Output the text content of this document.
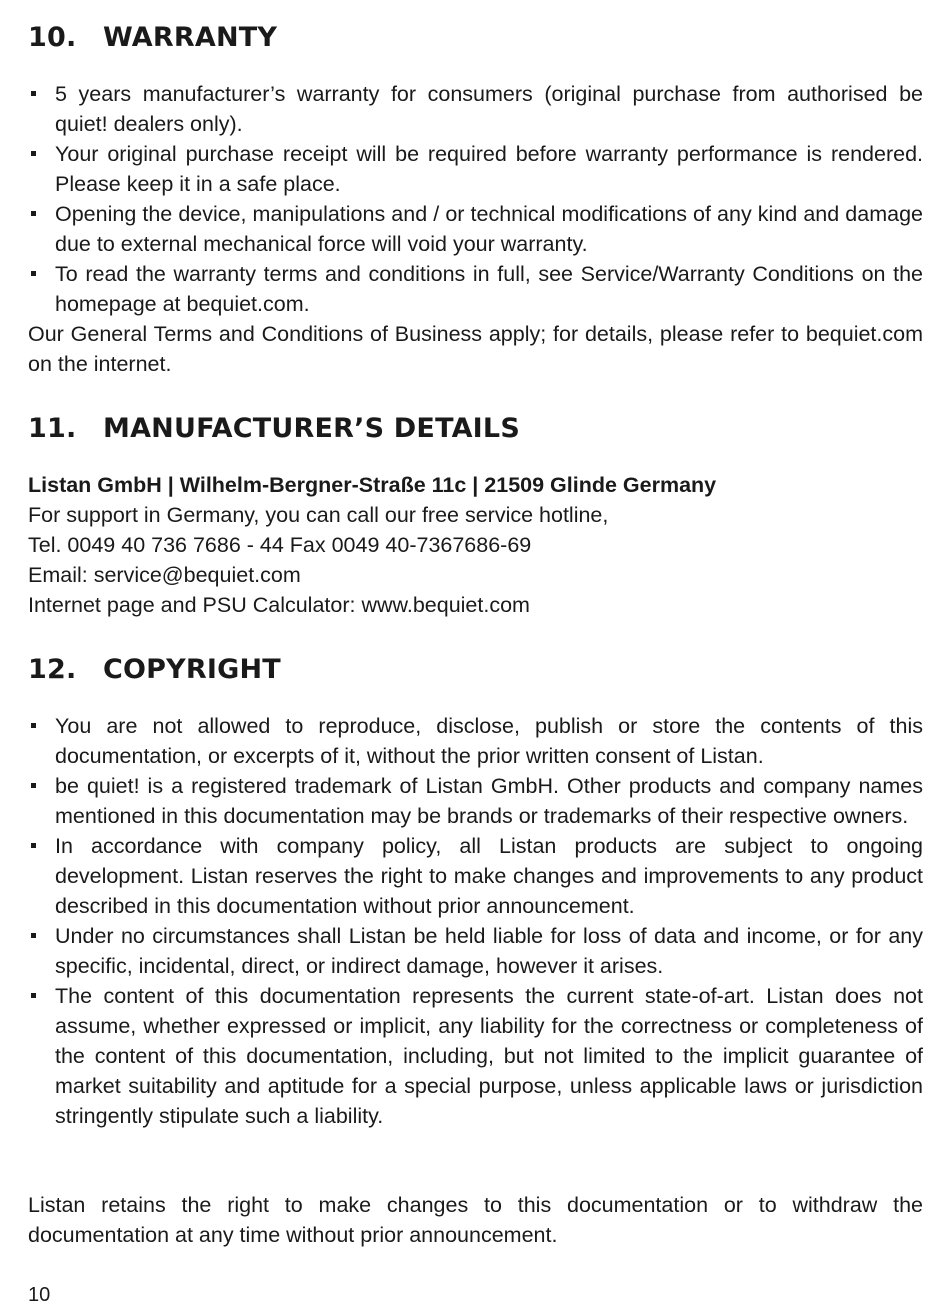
10. WARRANTY
5 years manufacturer’s warranty for consumers (original purchase from authorised be quiet! dealers only).
Your original purchase receipt will be required before warranty performance is rendered. Please keep it in a safe place.
Opening the device, manipulations and / or technical modifications of any kind and damage due to external mechanical force will void your warranty.
To read the warranty terms and conditions in full, see Service/Warranty Conditions on the homepage at bequiet.com.

Our General Terms and Conditions of Business apply; for details, please refer to bequiet.com on the internet.

11. MANUFACTURER’S DETAILS

Listan GmbH | Wilhelm-Bergner-Straße 11c | 21509 Glinde Germany

For support in Germany, you can call our free service hotline,

Tel. 0049 40 736 7686 - 44 Fax 0049 40-7367686-69

Email: service@bequiet.com

Internet page and PSU Calculator: www.bequiet.com

12. COPYRIGHT
You are not allowed to reproduce, disclose, publish or store the contents of this documentation, or excerpts of it, without the prior written consent of Listan.
be quiet! is a registered trademark of Listan GmbH. Other products and company names mentioned in this documentation may be brands or trademarks of their respective owners.
In accordance with company policy, all Listan products are subject to ongoing development. Listan reserves the right to make changes and improvements to any product described in this documentation without prior announcement.
Under no circumstances shall Listan be held liable for loss of data and income, or for any specific, incidental, direct, or indirect damage, however it arises.
The content of this documentation represents the current state-of-art. Listan does not assume, whether expressed or implicit, any liability for the correctness or completeness of the content of this documentation, including, but not limited to the implicit guarantee of market suitability and aptitude for a special purpose, unless applicable laws or jurisdiction stringently stipulate such a liability.

Listan retains the right to make changes to this documentation or to withdraw the documentation at any time without prior announcement.

10
